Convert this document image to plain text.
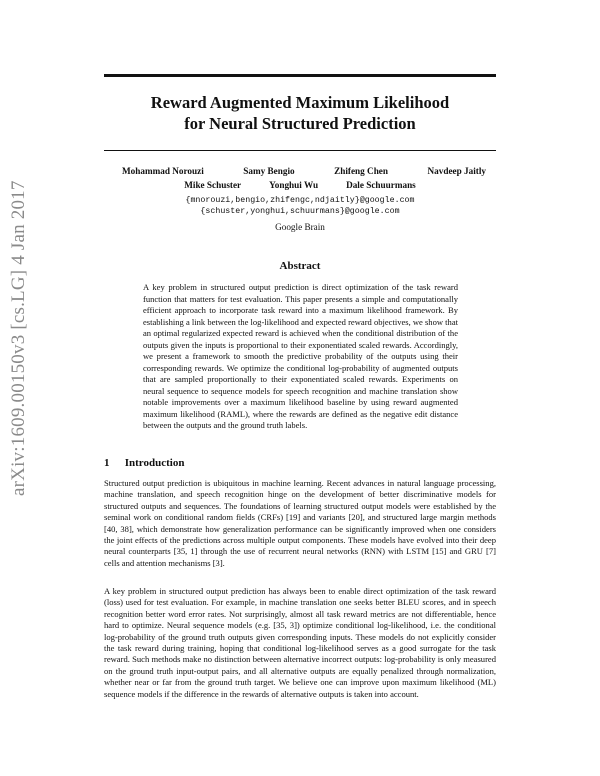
Reward Augmented Maximum Likelihood
for Neural Structured Prediction
Mohammad Norouzi	Samy Bengio	Zhifeng Chen	Navdeep Jaitly
Mike Schuster	Yonghui Wu	Dale Schuurmans
{mnorouzi,bengio,zhifengc,ndjaitly}@google.com
{schuster,yonghui,schuurmans}@google.com
Google Brain
Abstract
A key problem in structured output prediction is direct optimization of the task reward function that matters for test evaluation. This paper presents a simple and computationally efficient approach to incorporate task reward into a maximum likelihood framework. By establishing a link between the log-likelihood and expected reward objectives, we show that an optimal regularized expected reward is achieved when the conditional distribution of the outputs given the inputs is proportional to their exponentiated scaled rewards. Accordingly, we present a framework to smooth the predictive probability of the outputs using their corresponding rewards. We optimize the conditional log-probability of augmented outputs that are sampled proportionally to their exponentiated scaled rewards. Experiments on neural sequence to sequence models for speech recognition and machine translation show notable improvements over a maximum likelihood baseline by using reward augmented maximum likelihood (RAML), where the rewards are defined as the negative edit distance between the outputs and the ground truth labels.
1 Introduction
Structured output prediction is ubiquitous in machine learning. Recent advances in natural language processing, machine translation, and speech recognition hinge on the development of better discriminative models for structured outputs and sequences. The foundations of learning structured output models were established by the seminal work on conditional random fields (CRFs) [19] and variants [20], and structured large margin methods [40, 38], which demonstrate how generalization performance can be significantly improved when one considers the joint effects of the predictions across multiple output components. These models have evolved into their deep neural counterparts [35, 1] through the use of recurrent neural networks (RNN) with LSTM [15] and GRU [7] cells and attention mechanisms [3].
A key problem in structured output prediction has always been to enable direct optimization of the task reward (loss) used for test evaluation. For example, in machine translation one seeks better BLEU scores, and in speech recognition better word error rates. Not surprisingly, almost all task reward metrics are not differentiable, hence hard to optimize. Neural sequence models (e.g. [35, 3]) optimize conditional log-likelihood, i.e. the conditional log-probability of the ground truth outputs given corresponding inputs. These models do not explicitly consider the task reward during training, hoping that conditional log-likelihood serves as a good surrogate for the task reward. Such methods make no distinction between alternative incorrect outputs: log-probability is only measured on the ground truth input-output pairs, and all alternative outputs are equally penalized through normalization, whether near or far from the ground truth target. We believe one can improve upon maximum likelihood (ML) sequence models if the difference in the rewards of alternative outputs is taken into account.
arXiv:1609.00150v3 [cs.LG] 4 Jan 2017
